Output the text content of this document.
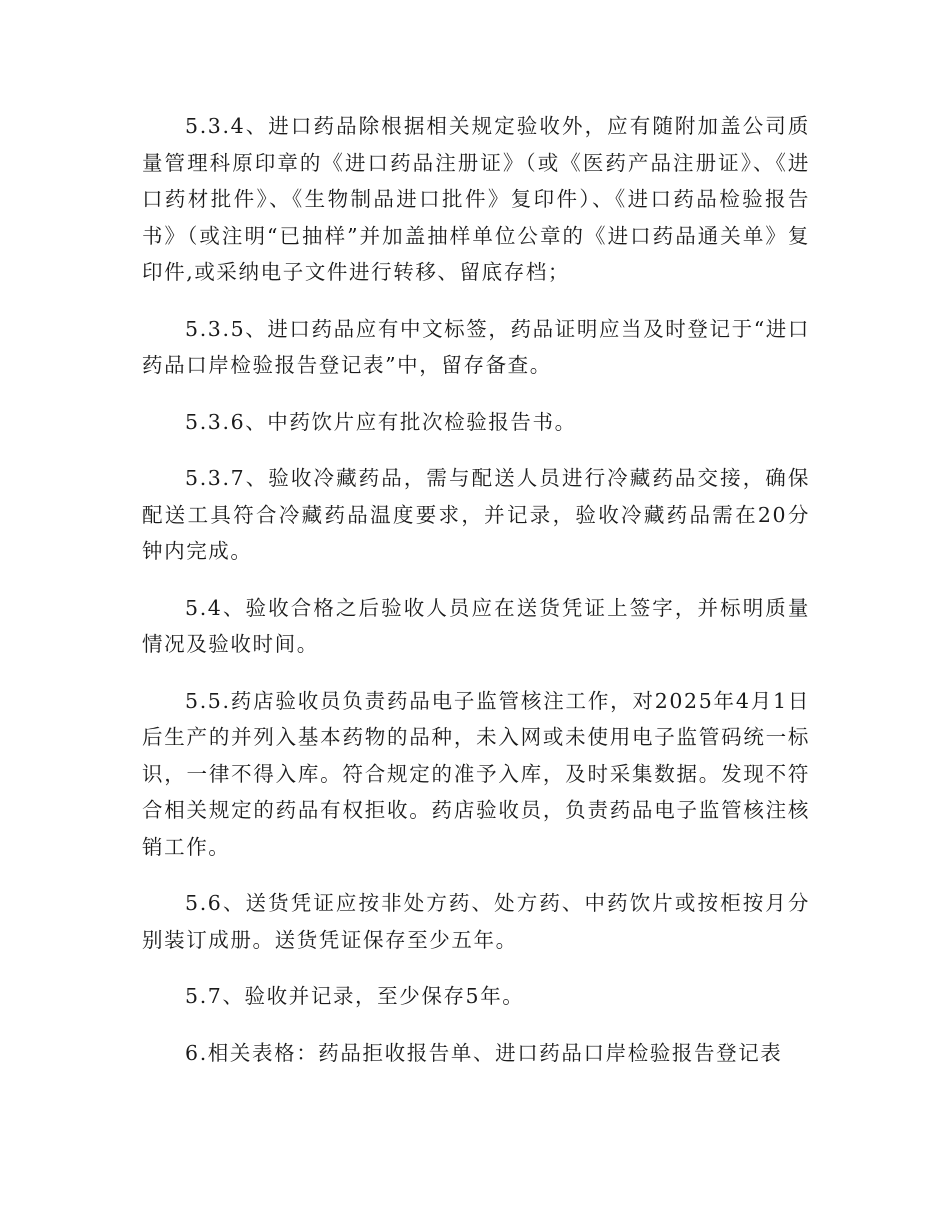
5.3.4、进口药品除根据相关规定验收外，应有随附加盖公司质量管理科原印章的《进口药品注册证》（或《医药产品注册证》、《进口药材批件》、《生物制品进口批件》复印件）、《进口药品检验报告书》（或注明“已抽样”并加盖抽样单位公章的《进口药品通关单》复印件,或采纳电子文件进行转移、留底存档；

5.3.5、进口药品应有中文标签，药品证明应当及时登记于“进口药品口岸检验报告登记表”中，留存备查。

5.3.6、中药饮片应有批次检验报告书。

5.3.7、验收冷藏药品，需与配送人员进行冷藏药品交接，确保配送工具符合冷藏药品温度要求，并记录，验收冷藏药品需在20分钟内完成。

5.4、验收合格之后验收人员应在送货凭证上签字，并标明质量情况及验收时间。

5.5.药店验收员负责药品电子监管核注工作，对2025年4月1日后生产的并列入基本药物的品种，未入网或未使用电子监管码统一标识，一律不得入库。符合规定的准予入库，及时采集数据。发现不符合相关规定的药品有权拒收。药店验收员，负责药品电子监管核注核销工作。

5.6、送货凭证应按非处方药、处方药、中药饮片或按柜按月分别装订成册。送货凭证保存至少五年。

5.7、验收并记录，至少保存5年。

6.相关表格：药品拒收报告单、进口药品口岸检验报告登记表
